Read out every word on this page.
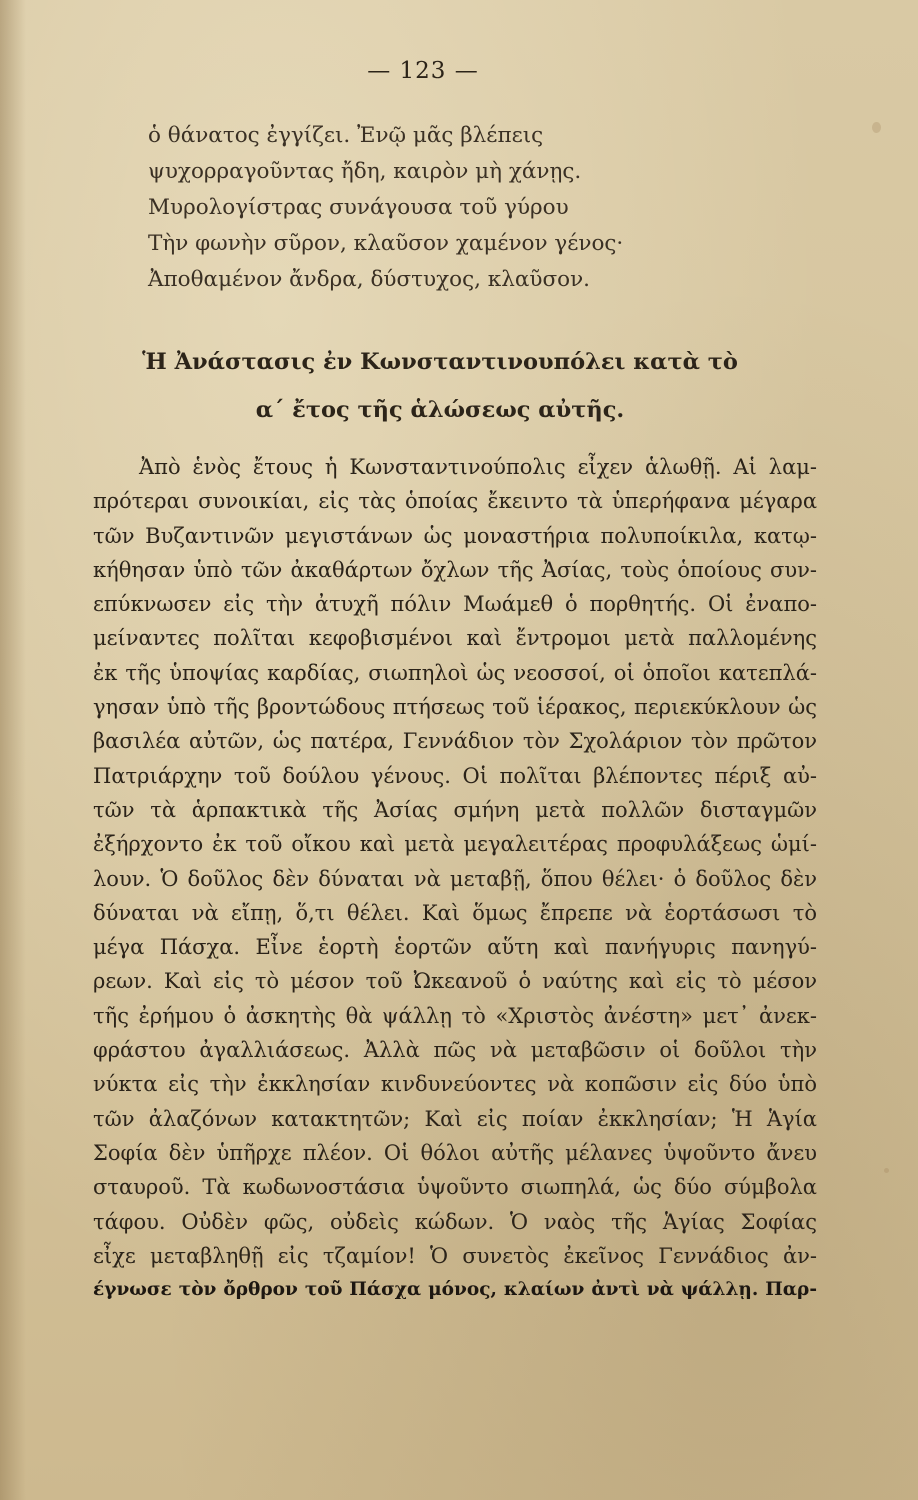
— 123 —
ὁ θάνατος ἐγγίζει. Ἐνῷ μᾶς βλέπεις
ψυχορραγοῦντας ἤδη, καιρὸν μὴ χάνῃς.
Μυρολογίστρας συνάγουσα τοῦ γύρου
Τὴν φωνὴν σῦρον, κλαῦσον χαμένον γένος·
Ἀποθαμένον ἄνδρα, δύστυχος, κλαῦσον.
Ἡ Ἀνάστασις ἐν Κωνσταντινουπόλει κατὰ τὸ
α΄ ἔτος τῆς ἁλώσεως αὐτῆς.
Ἀπὸ ἑνὸς ἔτους ἡ Κωνσταντινούπολις εἶχεν ἁλωθῇ. Αἱ λαμ-
πρότεραι συνοικίαι, εἰς τὰς ὁποίας ἔκειντο τὰ ὑπερήφανα μέγαρα
τῶν Βυζαντινῶν μεγιστάνων ὡς μοναστήρια πολυποίκιλα, κατῳ-
κήθησαν ὑπὸ τῶν ἀκαθάρτων ὄχλων τῆς Ἀσίας, τοὺς ὁποίους συν-
επύκνωσεν εἰς τὴν ἀτυχῆ πόλιν Μωάμεθ ὁ πορθητής. Οἱ ἐναπο-
μείναντες πολῖται κεφοβισμένοι καὶ ἔντρομοι μετὰ παλλομένης
ἐκ τῆς ὑποψίας καρδίας, σιωπηλοὶ ὡς νεοσσοί, οἱ ὁποῖοι κατεπλά-
γησαν ὑπὸ τῆς βροντώδους πτήσεως τοῦ ἱέρακος, περιεκύκλουν ὡς
βασιλέα αὐτῶν, ὡς πατέρα, Γεννάδιον τὸν Σχολάριον τὸν πρῶτον
Πατριάρχην τοῦ δούλου γένους. Οἱ πολῖται βλέποντες πέριξ αὐ-
τῶν τὰ ἁρπακτικὰ τῆς Ἀσίας σμήνη μετὰ πολλῶν δισταγμῶν
ἐξήρχοντο ἐκ τοῦ οἴκου καὶ μετὰ μεγαλειτέρας προφυλάξεως ὡμί-
λουν. Ὁ δοῦλος δὲν δύναται νὰ μεταβῇ, ὅπου θέλει· ὁ δοῦλος δὲν
δύναται νὰ εἴπῃ, ὅ,τι θέλει. Καὶ ὅμως ἔπρεπε νὰ ἑορτάσωσι τὸ
μέγα Πάσχα. Εἶνε ἑορτὴ ἑορτῶν αὕτη καὶ πανήγυρις πανηγύ-
ρεων. Καὶ εἰς τὸ μέσον τοῦ Ὠκεανοῦ ὁ ναύτης καὶ εἰς τὸ μέσον
τῆς ἐρήμου ὁ ἀσκητὴς θὰ ψάλλῃ τὸ «Χριστὸς ἀνέστη» μετ᾽ ἀνεκ-
φράστου ἀγαλλιάσεως. Ἀλλὰ πῶς νὰ μεταβῶσιν οἱ δοῦλοι τὴν
νύκτα εἰς τὴν ἐκκλησίαν κινδυνεύοντες νὰ κοπῶσιν εἰς δύο ὑπὸ
τῶν ἀλαζόνων κατακτητῶν; Καὶ εἰς ποίαν ἐκκλησίαν; Ἡ Ἁγία
Σοφία δὲν ὑπῆρχε πλέον. Οἱ θόλοι αὐτῆς μέλανες ὑψοῦντο ἄνευ
σταυροῦ. Τὰ κωδωνοστάσια ὑψοῦντο σιωπηλά, ὡς δύο σύμβολα
τάφου. Οὐδὲν φῶς, οὐδεὶς κώδων. Ὁ ναὸς τῆς Ἁγίας Σοφίας
εἶχε μεταβληθῇ εἰς τζαμίον! Ὁ συνετὸς ἐκεῖνος Γεννάδιος ἀν-
έγνωσε τὸν ὄρθρον τοῦ Πάσχα μόνος, κλαίων ἀντὶ νὰ ψάλλῃ. Παρ-
